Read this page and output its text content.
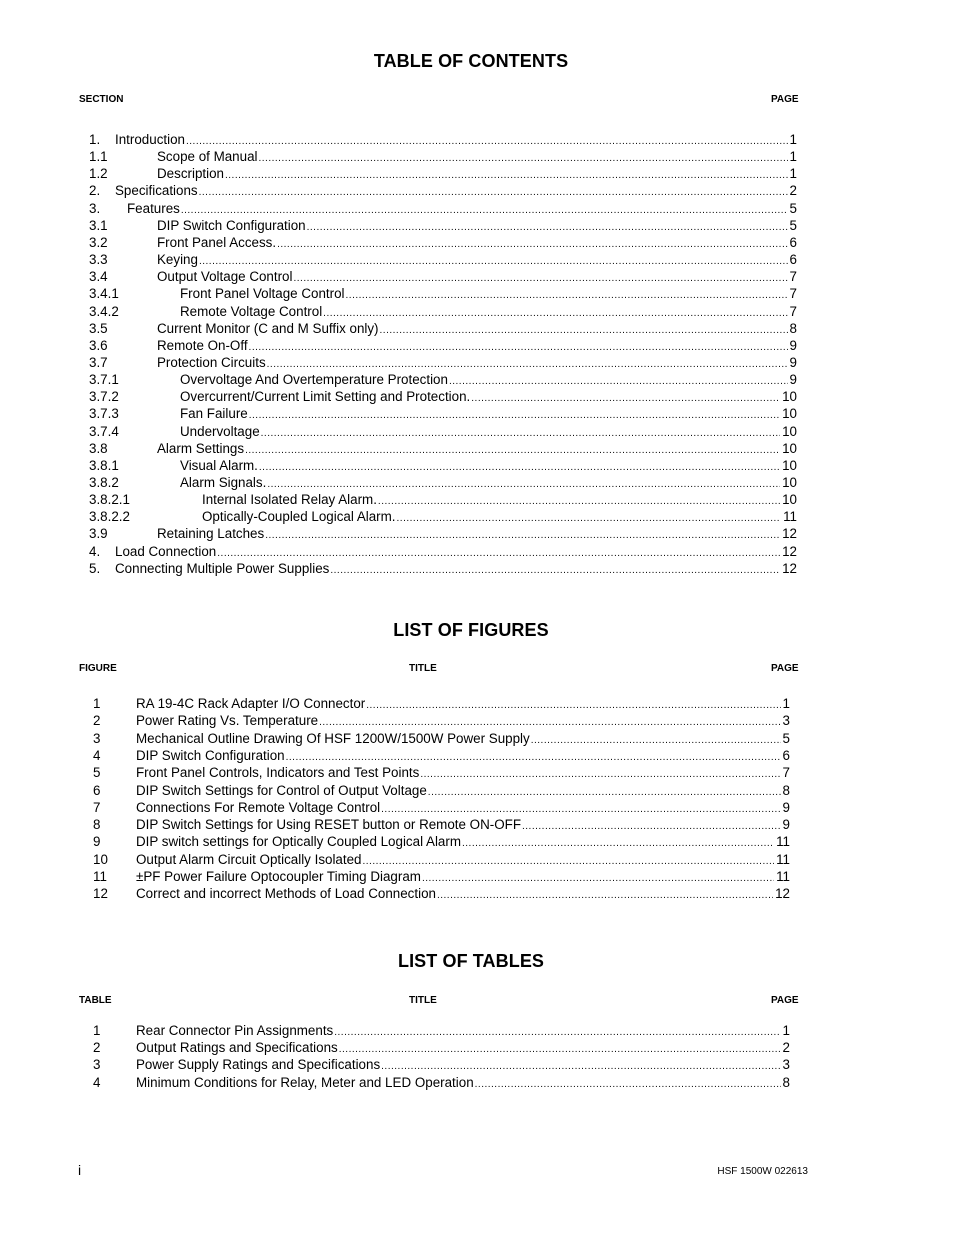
TABLE OF CONTENTS
SECTION	PAGE
1. Introduction .....	1
1.1	Scope of Manual .....	1
1.2	Description .....	1
2. Specifications .....	2
3. Features .....	5
3.1	DIP Switch Configuration .....	5
3.2	Front Panel Access. .....	6
3.3	Keying .....	6
3.4	Output Voltage Control .....	7
3.4.1	Front Panel Voltage Control .....	7
3.4.2	Remote Voltage Control .....	7
3.5	Current Monitor (C and M Suffix only) .....	8
3.6	Remote On-Off .....	9
3.7	Protection Circuits .....	9
3.7.1	Overvoltage And Overtemperature Protection .....	9
3.7.2	Overcurrent/Current Limit Setting and Protection. .....	10
3.7.3	Fan Failure .....	10
3.7.4	Undervoltage .....	10
3.8	Alarm Settings .....	10
3.8.1	Visual Alarm. .....	10
3.8.2	Alarm Signals. .....	10
3.8.2.1	Internal Isolated Relay Alarm. .....	10
3.8.2.2	Optically-Coupled Logical Alarm. .....	11
3.9	Retaining Latches .....	12
4. Load Connection .....	12
5. Connecting Multiple Power Supplies .....	12
LIST OF FIGURES
FIGURE	TITLE	PAGE
1	RA 19-4C Rack Adapter I/O Connector .....	1
2	Power Rating Vs. Temperature .....	3
3	Mechanical Outline Drawing Of HSF 1200W/1500W Power Supply .....	5
4	DIP Switch Configuration .....	6
5	Front Panel Controls, Indicators and Test Points .....	7
6	DIP Switch Settings for Control of Output Voltage .....	8
7	Connections For Remote Voltage Control .....	9
8	DIP Switch Settings for Using RESET button or Remote ON-OFF .....	9
9	DIP switch settings for Optically Coupled Logical Alarm .....	11
10 Output Alarm Circuit Optically Isolated .....	11
11 ±PF Power Failure Optocoupler Timing Diagram .....	11
12 Correct and incorrect Methods of Load Connection .....	12
LIST OF TABLES
TABLE	TITLE	PAGE
1	Rear Connector Pin Assignments .....	1
2	Output Ratings and Specifications .....	2
3	Power Supply Ratings and Specifications .....	3
4	Minimum Conditions for Relay, Meter and LED Operation .....	8
i	HSF 1500W 022613
